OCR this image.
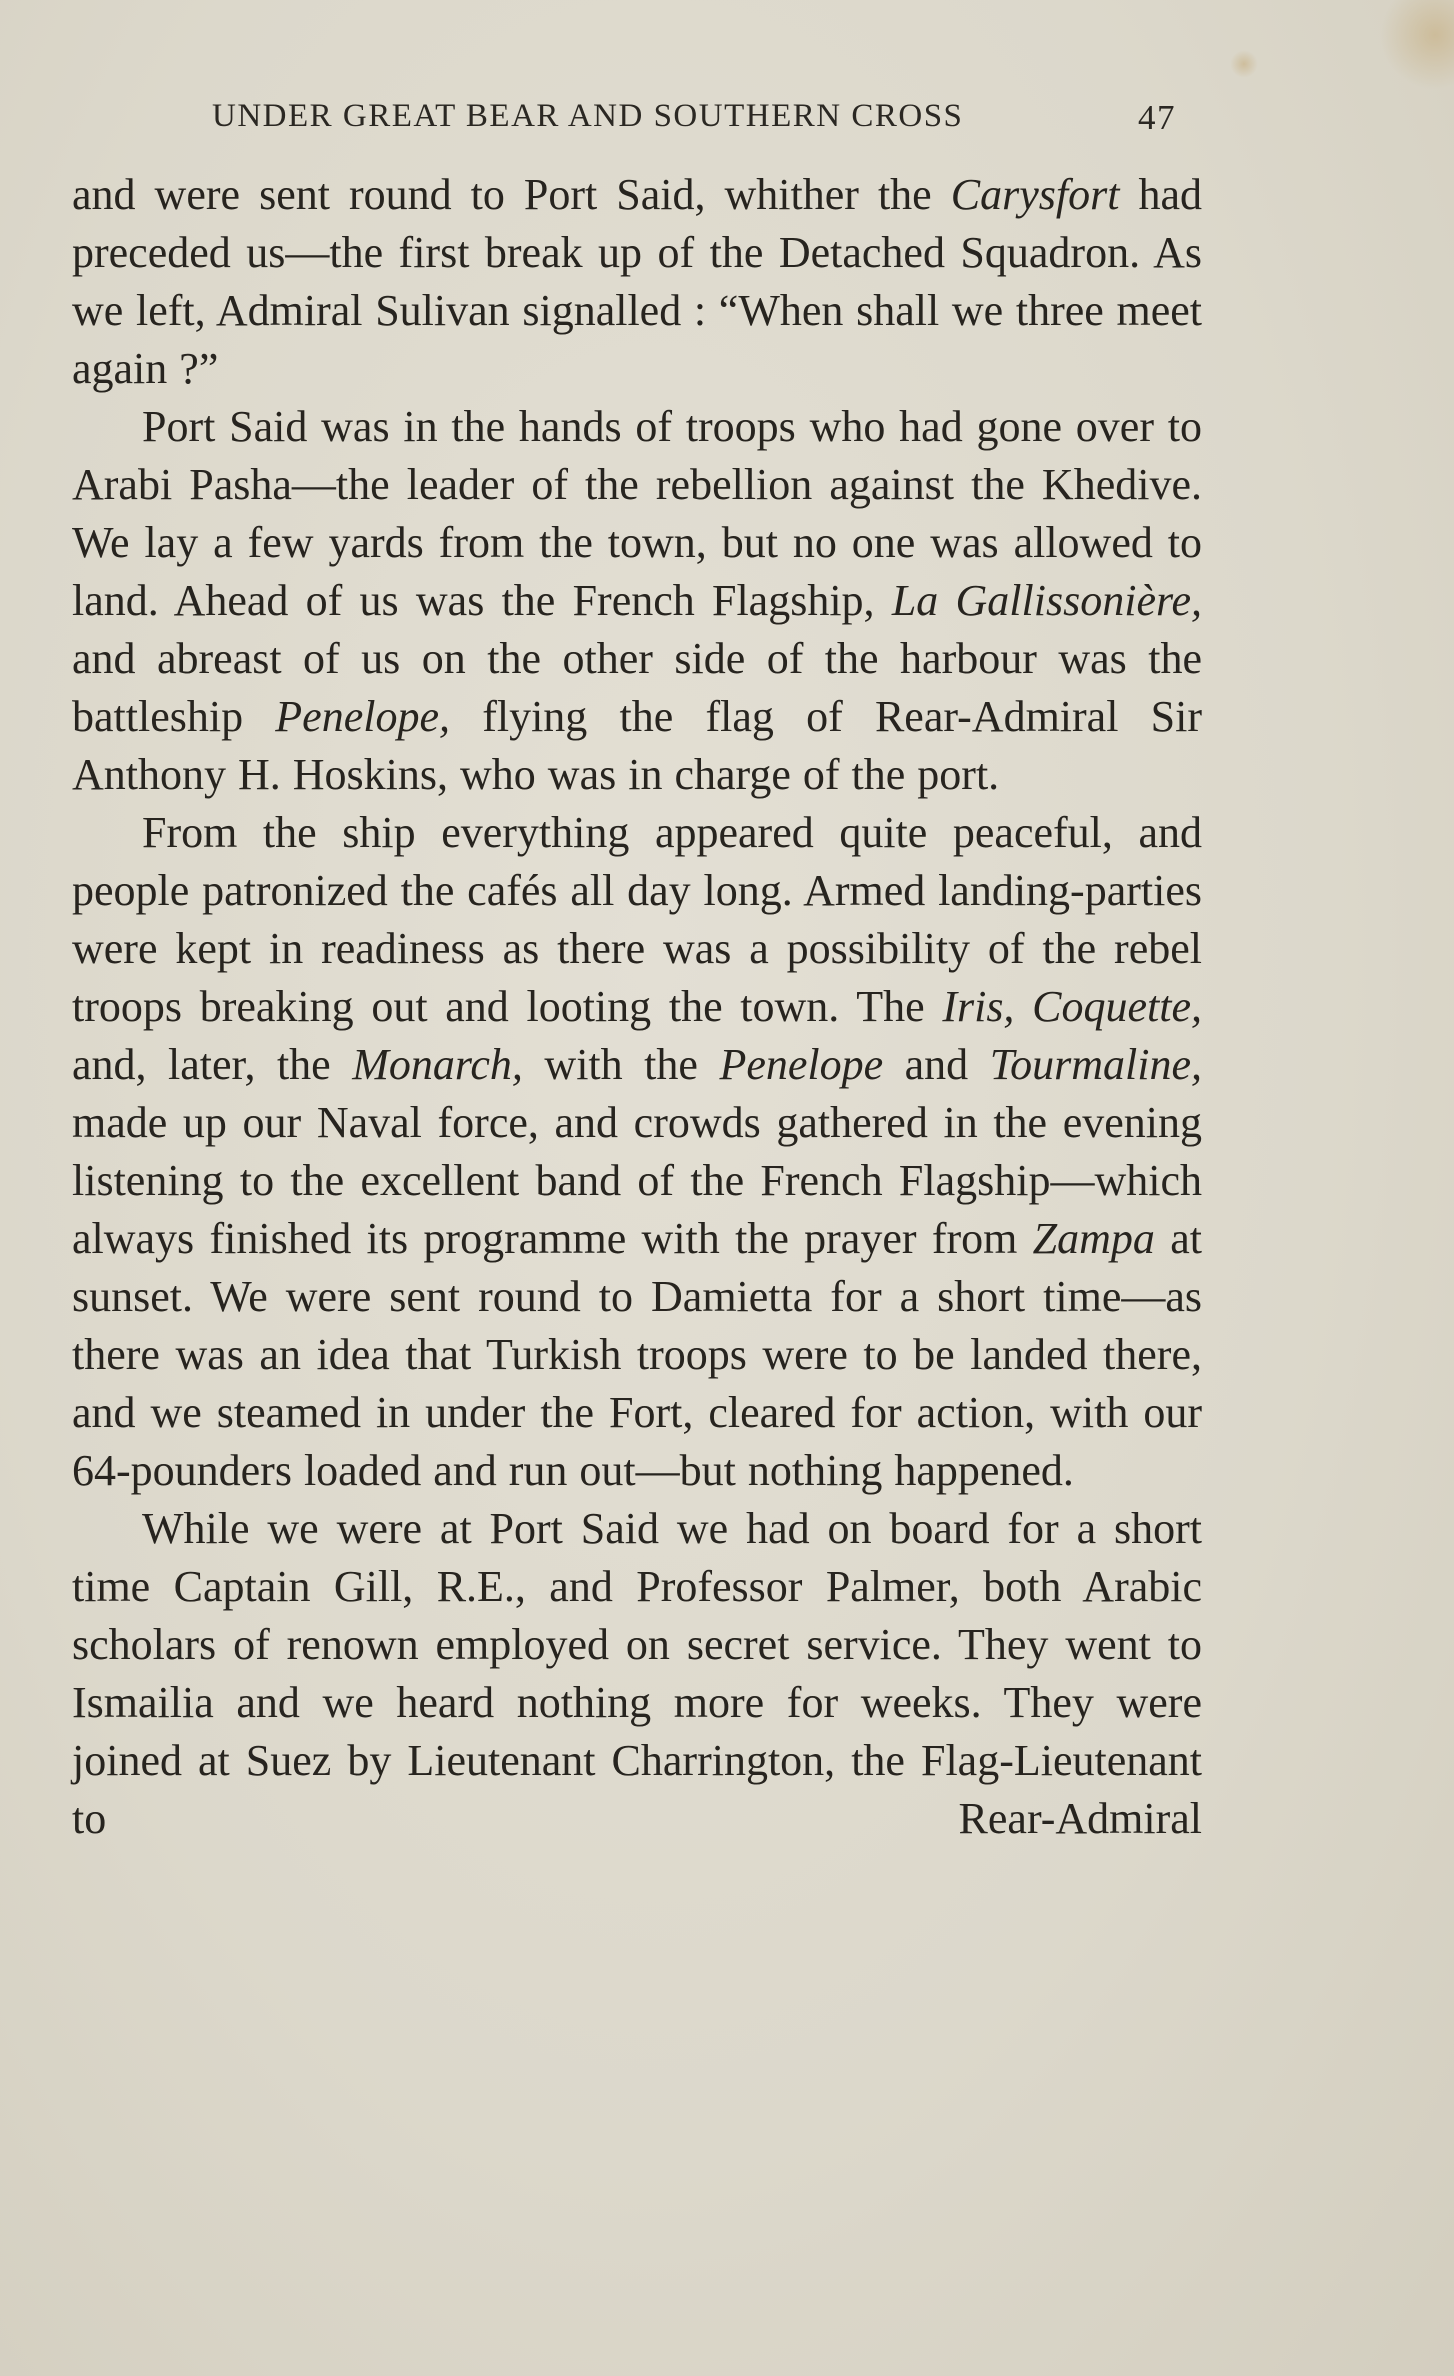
UNDER GREAT BEAR AND SOUTHERN CROSS	47

and were sent round to Port Said, whither the Carysfort had preceded us—the first break up of the Detached Squadron. As we left, Admiral Sulivan signalled : “When shall we three meet again ?”

Port Said was in the hands of troops who had gone over to Arabi Pasha—the leader of the rebellion against the Khedive. We lay a few yards from the town, but no one was allowed to land. Ahead of us was the French Flagship, La Gallissonière, and abreast of us on the other side of the harbour was the battleship Penelope, flying the flag of Rear-Admiral Sir Anthony H. Hoskins, who was in charge of the port.

From the ship everything appeared quite peaceful, and people patronized the cafés all day long. Armed landing-parties were kept in readiness as there was a possibility of the rebel troops breaking out and looting the town. The Iris, Coquette, and, later, the Monarch, with the Penelope and Tourmaline, made up our Naval force, and crowds gathered in the evening listening to the excellent band of the French Flagship—which always finished its programme with the prayer from Zampa at sunset. We were sent round to Damietta for a short time—as there was an idea that Turkish troops were to be landed there, and we steamed in under the Fort, cleared for action, with our 64-pounders loaded and run out—but nothing happened.

While we were at Port Said we had on board for a short time Captain Gill, R.E., and Professor Palmer, both Arabic scholars of renown employed on secret service. They went to Ismailia and we heard nothing more for weeks. They were joined at Suez by Lieutenant Charrington, the Flag-Lieutenant to Rear-Admiral
